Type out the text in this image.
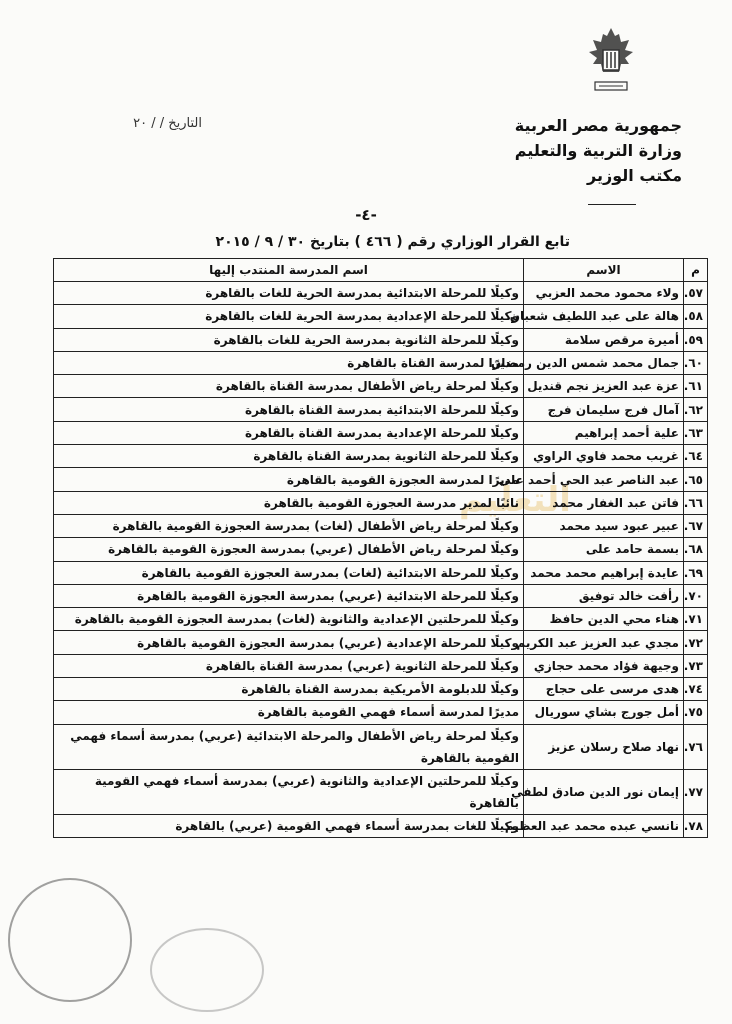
التاريخ / / ٢٠	جمهورية مصر العربية
وزارة التربية والتعليم
مكتب الوزير
-٤-
تابع القرار الوزاري رقم ( ٤٦٦ ) بتاريخ ٣٠ / ٩ / ٢٠١٥
التعليم
م	الاسم	اسم المدرسة المنتدب إليها
٥٧.	ولاء محمود محمد العزبي	وكيلًا للمرحلة الابتدائية بمدرسة الحرية للغات بالقاهرة
٥٨.	هالة على عبد اللطيف شعبان	وكيلًا للمرحلة الإعدادية بمدرسة الحرية للغات بالقاهرة
٥٩.	أميرة مرقص سلامة	وكيلًا للمرحلة الثانوية بمدرسة الحرية للغات بالقاهرة
٦٠.	جمال محمد شمس الدين رمضان	مديرًا لمدرسة القناة بالقاهرة
٦١.	عزة عبد العزيز نجم قنديل	وكيلًا لمرحلة رياض الأطفال بمدرسة القناة بالقاهرة
٦٢.	آمال فرج سليمان فرج	وكيلًا للمرحلة الابتدائية بمدرسة القناة بالقاهرة
٦٣.	علية أحمد إبراهيم	وكيلًا للمرحلة الإعدادية بمدرسة القناة بالقاهرة
٦٤.	غريب محمد فاوي الراوي	وكيلًا للمرحلة الثانوية بمدرسة القناة بالقاهرة
٦٥.	عبد الناصر عبد الحي أحمد على	مديرًا لمدرسة العجوزة القومية بالقاهرة
٦٦.	فاتن عبد الغفار محمد	نائبًا لمدير مدرسة العجوزة القومية بالقاهرة
٦٧.	عبير عبود سيد محمد	وكيلًا لمرحلة رياض الأطفال (لغات) بمدرسة العجوزة القومية بالقاهرة
٦٨.	بسمة حامد على	وكيلًا لمرحلة رياض الأطفال (عربي) بمدرسة العجوزة القومية بالقاهرة
٦٩.	عايدة إبراهيم محمد محمد	وكيلًا للمرحلة الابتدائية (لغات) بمدرسة العجوزة القومية بالقاهرة
٧٠.	رأفت خالد توفيق	وكيلًا للمرحلة الابتدائية (عربي) بمدرسة العجوزة القومية بالقاهرة
٧١.	هناء محي الدين حافظ	وكيلًا للمرحلتين الإعدادية والثانوية (لغات) بمدرسة العجوزة القومية بالقاهرة
٧٢.	مجدي عبد العزيز عبد الكريم	وكيلًا للمرحلة الإعدادية (عربي) بمدرسة العجوزة القومية بالقاهرة
٧٣.	وجيهة فؤاد محمد حجازي	وكيلًا للمرحلة الثانوية (عربي) بمدرسة القناة بالقاهرة
٧٤.	هدى مرسى على حجاج	وكيلًا للدبلومة الأمريكية بمدرسة القناة بالقاهرة
٧٥.	أمل جورج بشاي سوريال	مديرًا لمدرسة أسماء فهمي القومية بالقاهرة
٧٦.	نهاد صلاح رسلان عزيز	وكيلًا لمرحلة رياض الأطفال والمرحلة الابتدائية (عربي) بمدرسة أسماء فهمي القومية بالقاهرة
٧٧.	إيمان نور الدين صادق لطفي	وكيلًا للمرحلتين الإعدادية والثانوية (عربي) بمدرسة أسماء فهمي القومية بالقاهرة
٧٨.	نانسي عبده محمد عبد العظيم	وكيلًا للغات بمدرسة أسماء فهمي القومية (عربي) بالقاهرة
